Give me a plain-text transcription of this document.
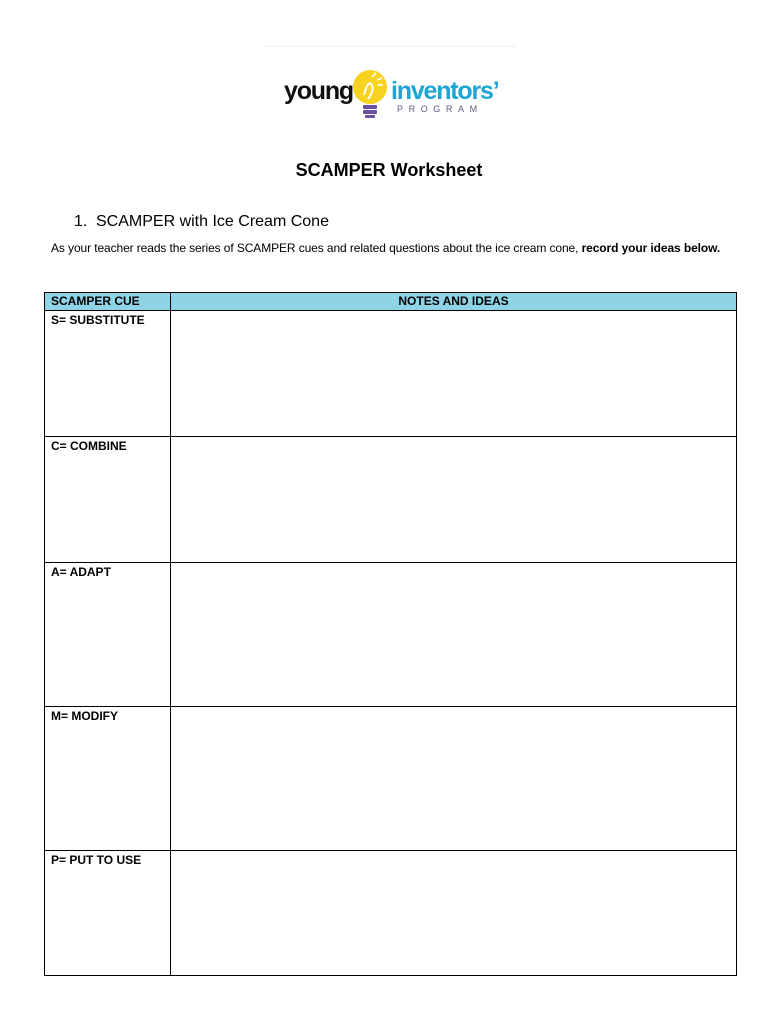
young inventors’
PROGRAM
SCAMPER Worksheet
1. SCAMPER with Ice Cream Cone
As your teacher reads the series of SCAMPER cues and related questions about the ice cream cone, record your ideas below.
SCAMPER CUE	NOTES AND IDEAS
S= SUBSTITUTE	
C= COMBINE	
A= ADAPT	
M= MODIFY	
P= PUT TO USE	
